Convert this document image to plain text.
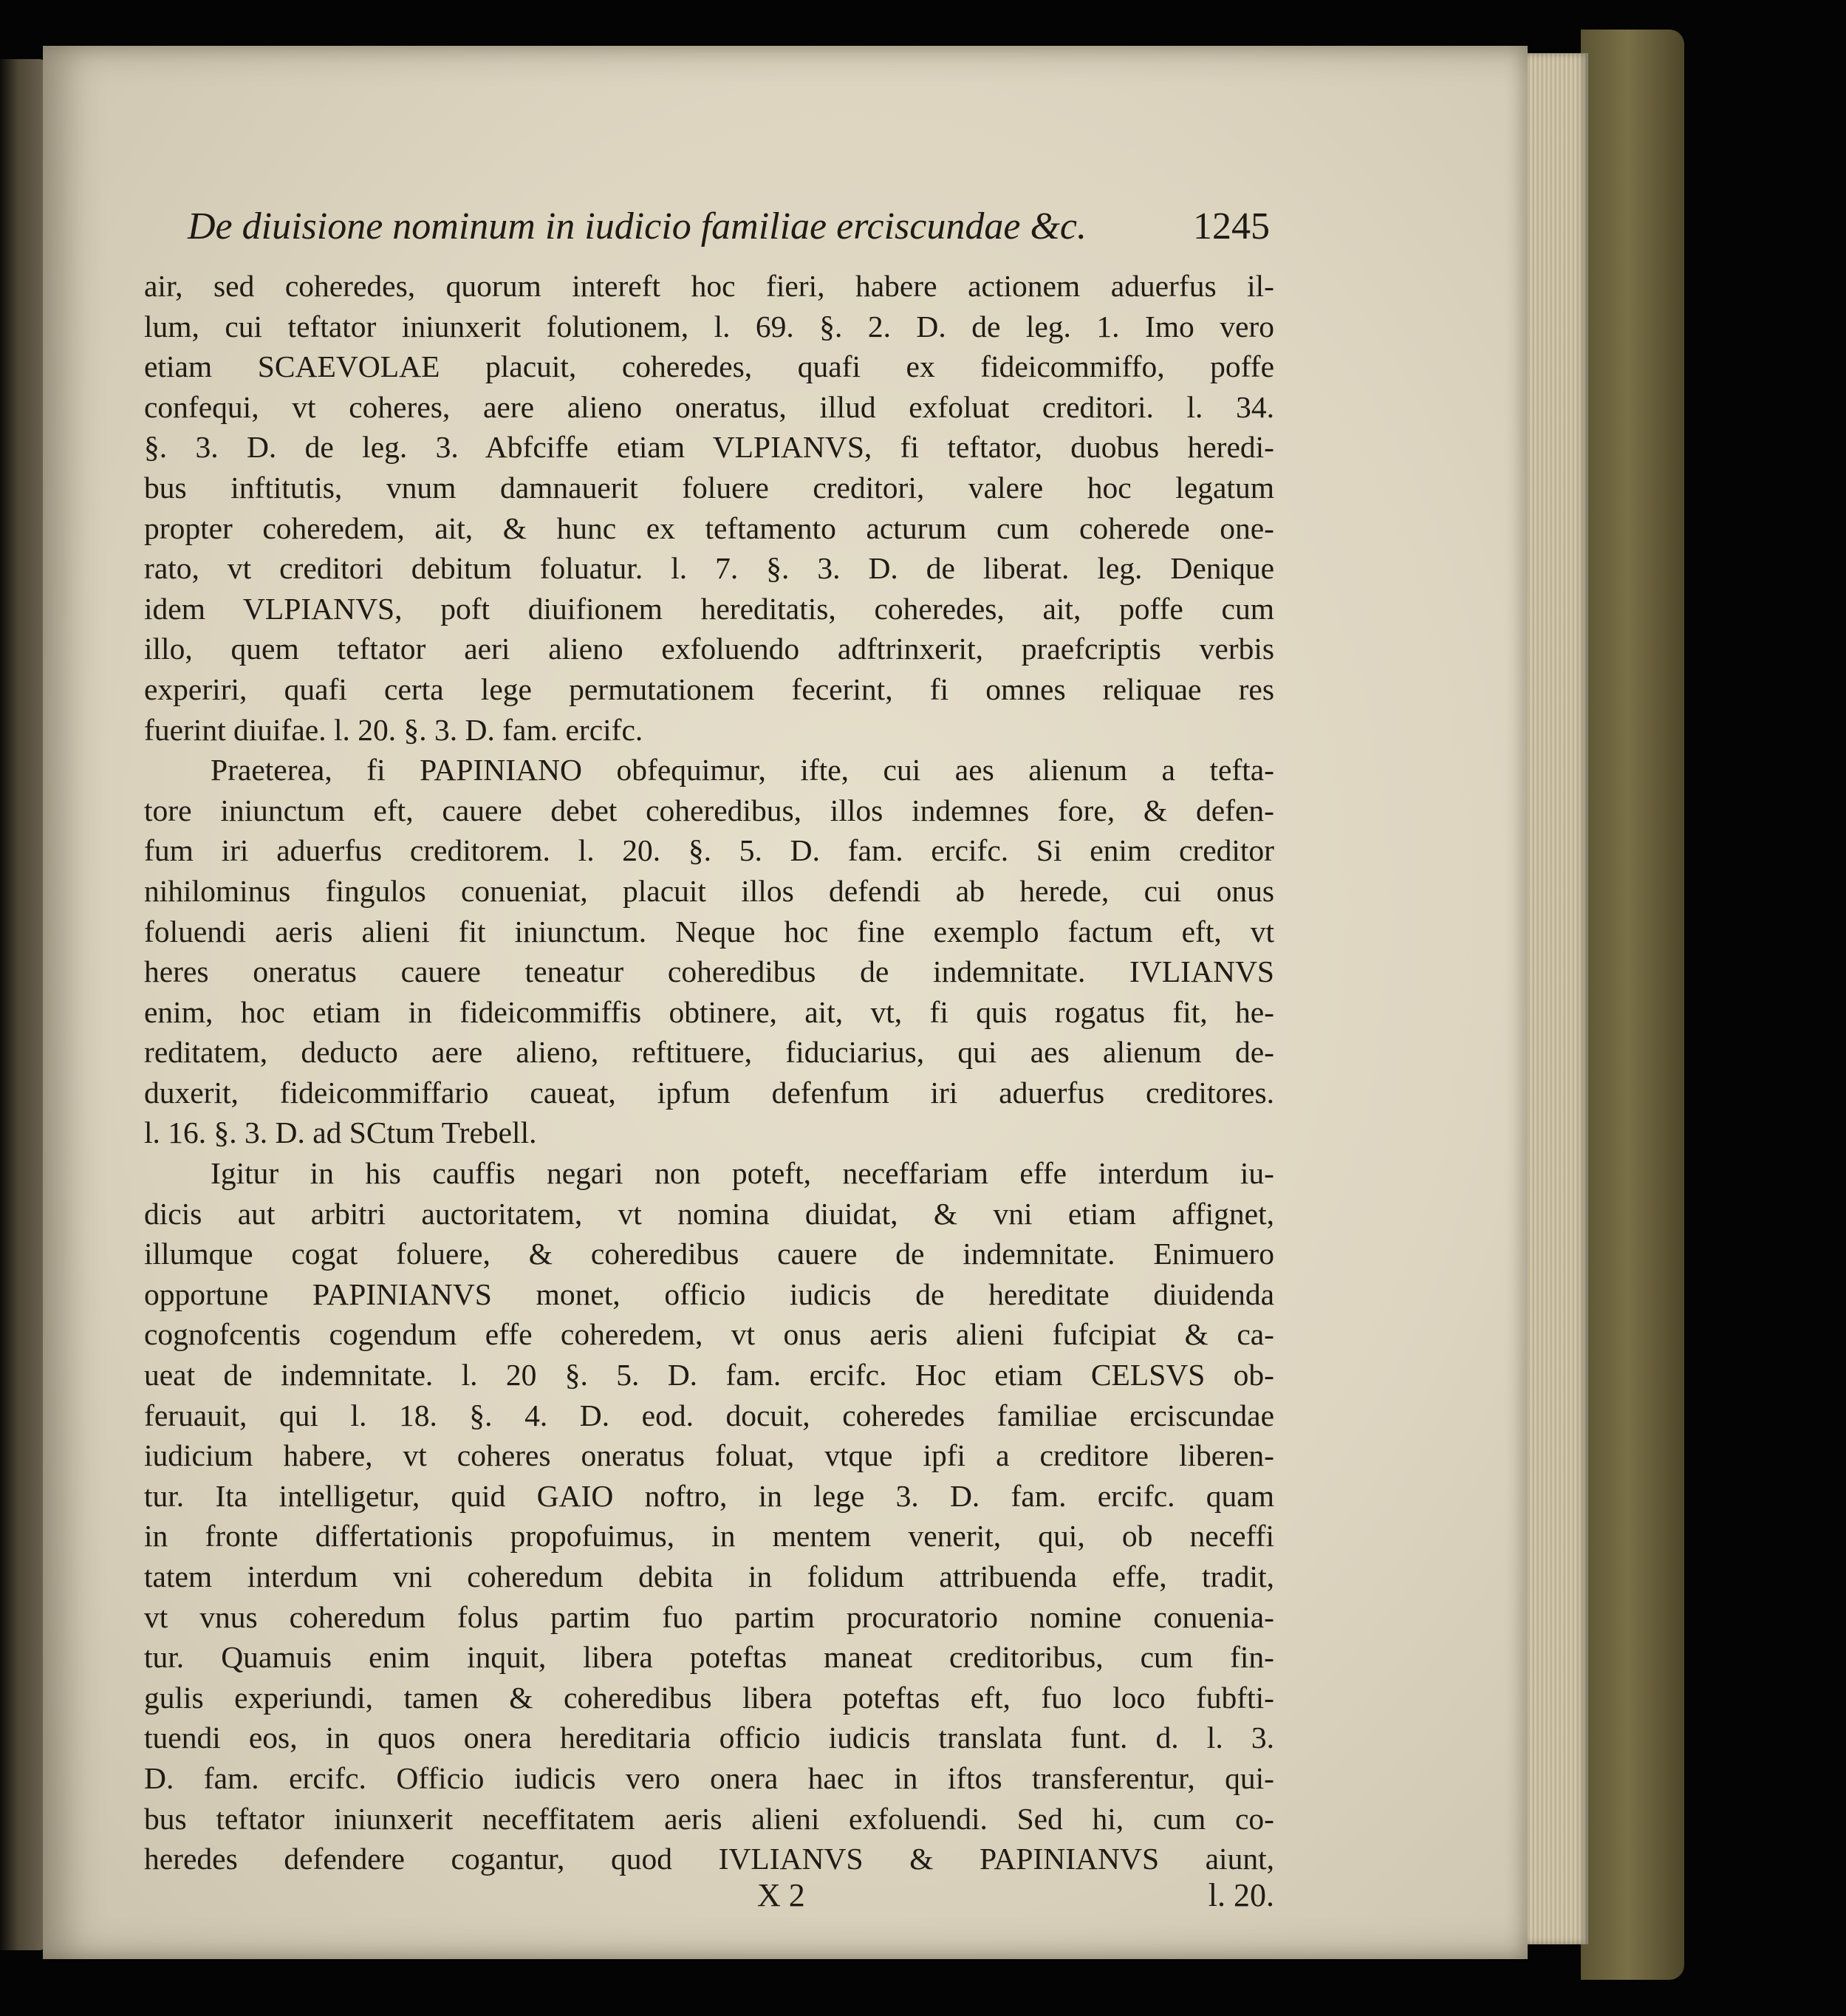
De diuisione nominum in iudicio familiae erciscundae &c.	1245
air, sed coheredes, quorum intereft hoc fieri, habere actionem aduerfus il-
lum, cui teftator iniunxerit folutionem, l. 69. §. 2. D. de leg. 1. Imo vero
etiam SCAEVOLAE placuit, coheredes, quafi ex fideicommiffo, poffe
confequi, vt coheres, aere alieno oneratus, illud exfoluat creditori. l. 34.
§. 3. D. de leg. 3. Abfciffe etiam VLPIANVS, fi teftator, duobus heredi-
bus inftitutis, vnum damnauerit foluere creditori, valere hoc legatum
propter coheredem, ait, & hunc ex teftamento acturum cum coherede one-
rato, vt creditori debitum foluatur. l. 7. §. 3. D. de liberat. leg. Denique
idem VLPIANVS, poft diuifionem hereditatis, coheredes, ait, poffe cum
illo, quem teftator aeri alieno exfoluendo adftrinxerit, praefcriptis verbis
experiri, quafi certa lege permutationem fecerint, fi omnes reliquae res
fuerint diuifae. l. 20. §. 3. D. fam. ercifc.
Praeterea, fi PAPINIANO obfequimur, ifte, cui aes alienum a tefta-
tore iniunctum eft, cauere debet coheredibus, illos indemnes fore, & defen-
fum iri aduerfus creditorem. l. 20. §. 5. D. fam. ercifc. Si enim creditor
nihilominus fingulos conueniat, placuit illos defendi ab herede, cui onus
foluendi aeris alieni fit iniunctum. Neque hoc fine exemplo factum eft, vt
heres oneratus cauere teneatur coheredibus de indemnitate. IVLIANVS
enim, hoc etiam in fideicommiffis obtinere, ait, vt, fi quis rogatus fit, he-
reditatem, deducto aere alieno, reftituere, fiduciarius, qui aes alienum de-
duxerit, fideicommiffario caueat, ipfum defenfum iri aduerfus creditores.
l. 16. §. 3. D. ad SCtum Trebell.
Igitur in his cauffis negari non poteft, neceffariam effe interdum iu-
dicis aut arbitri auctoritatem, vt nomina diuidat, & vni etiam affignet,
illumque cogat foluere, & coheredibus cauere de indemnitate. Enimuero
opportune PAPINIANVS monet, officio iudicis de hereditate diuidenda
cognofcentis cogendum effe coheredem, vt onus aeris alieni fufcipiat & ca-
ueat de indemnitate. l. 20 §. 5. D. fam. ercifc. Hoc etiam CELSVS ob-
feruauit, qui l. 18. §. 4. D. eod. docuit, coheredes familiae erciscundae
iudicium habere, vt coheres oneratus foluat, vtque ipfi a creditore liberen-
tur. Ita intelligetur, quid GAIO noftro, in lege 3. D. fam. ercifc. quam
in fronte differtationis propofuimus, in mentem venerit, qui, ob neceffi
tatem interdum vni coheredum debita in folidum attribuenda effe, tradit,
vt vnus coheredum folus partim fuo partim procuratorio nomine conuenia-
tur. Quamuis enim inquit, libera poteftas maneat creditoribus, cum fin-
gulis experiundi, tamen & coheredibus libera poteftas eft, fuo loco fubfti-
tuendi eos, in quos onera hereditaria officio iudicis translata funt. d. l. 3.
D. fam. ercifc. Officio iudicis vero onera haec in iftos transferentur, qui-
bus teftator iniunxerit neceffitatem aeris alieni exfoluendi. Sed hi, cum co-
heredes defendere cogantur, quod IVLIANVS & PAPINIANVS aiunt,
X 2	l. 20.
